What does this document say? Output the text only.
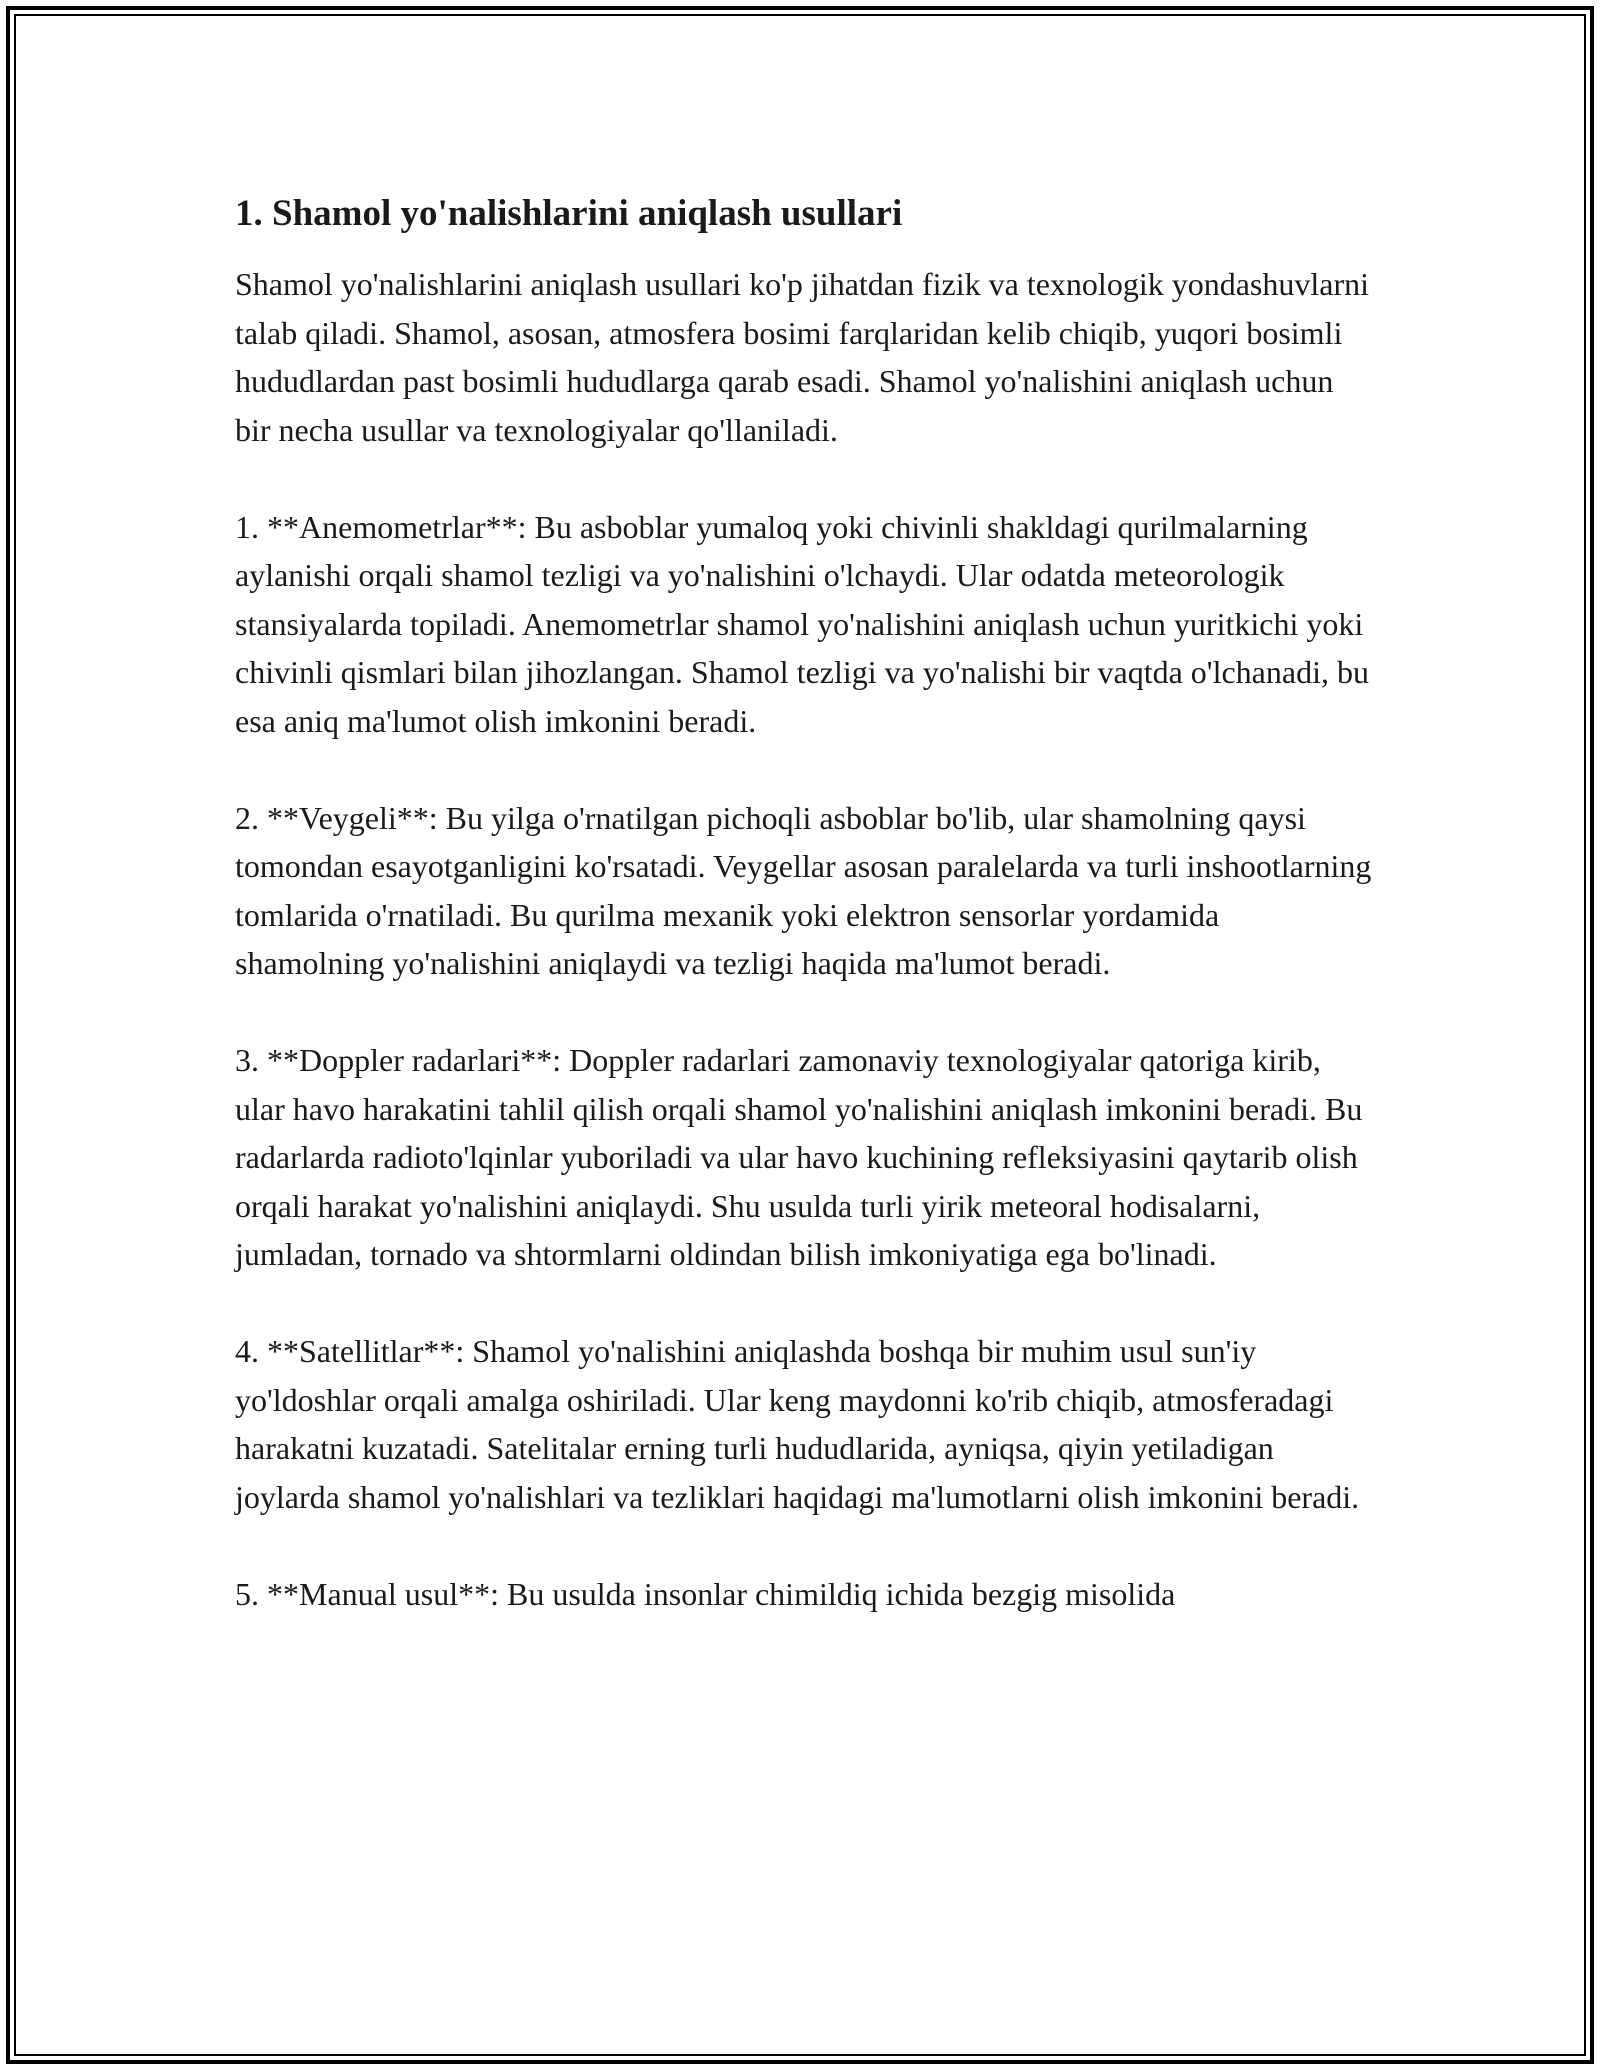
1. Shamol yo'nalishlarini aniqlash usullari

Shamol yo'nalishlarini aniqlash usullari ko'p jihatdan fizik va texnologik yondashuvlarni talab qiladi. Shamol, asosan, atmosfera bosimi farqlaridan kelib chiqib, yuqori bosimli hududlardan past bosimli hududlarga qarab esadi. Shamol yo'nalishini aniqlash uchun bir necha usullar va texnologiyalar qo'llaniladi.

1. **Anemometrlar**: Bu asboblar yumaloq yoki chivinli shakldagi qurilmalarning aylanishi orqali shamol tezligi va yo'nalishini o'lchaydi. Ular odatda meteorologik stansiyalarda topiladi. Anemometrlar shamol yo'nalishini aniqlash uchun yuritkichi yoki chivinli qismlari bilan jihozlangan. Shamol tezligi va yo'nalishi bir vaqtda o'lchanadi, bu esa aniq ma'lumot olish imkonini beradi.

2. **Veygeli**: Bu yilga o'rnatilgan pichoqli asboblar bo'lib, ular shamolning qaysi tomondan esayotganligini ko'rsatadi. Veygellar asosan paralelarda va turli inshootlarning tomlarida o'rnatiladi. Bu qurilma mexanik yoki elektron sensorlar yordamida shamolning yo'nalishini aniqlaydi va tezligi haqida ma'lumot beradi.

3. **Doppler radarlari**: Doppler radarlari zamonaviy texnologiyalar qatoriga kirib, ular havo harakatini tahlil qilish orqali shamol yo'nalishini aniqlash imkonini beradi. Bu radarlarda radioto'lqinlar yuboriladi va ular havo kuchining refleksiyasini qaytarib olish orqali harakat yo'nalishini aniqlaydi. Shu usulda turli yirik meteoral hodisalarni, jumladan, tornado va shtormlarni oldindan bilish imkoniyatiga ega bo'linadi.

4. **Satellitlar**: Shamol yo'nalishini aniqlashda boshqa bir muhim usul sun'iy yo'ldoshlar orqali amalga oshiriladi. Ular keng maydonni ko'rib chiqib, atmosferadagi harakatni kuzatadi. Satelitalar erning turli hududlarida, ayniqsa, qiyin yetiladigan joylarda shamol yo'nalishlari va tezliklari haqidagi ma'lumotlarni olish imkonini beradi.

5. **Manual usul**: Bu usulda insonlar chimildiq ichida bezgig misolida
